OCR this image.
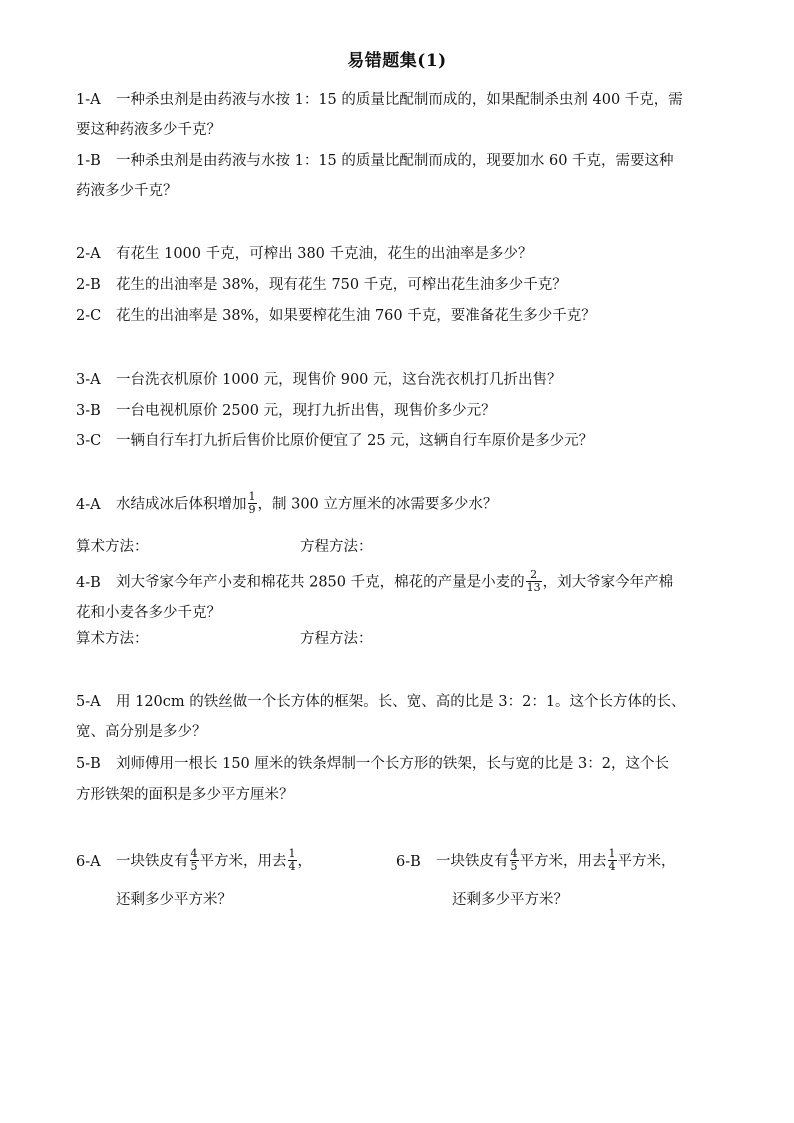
易错题集(1)
1-A 一种杀虫剂是由药液与水按 1：15 的质量比配制而成的，如果配制杀虫剂 400 千克，需
要这种药液多少千克？
1-B 一种杀虫剂是由药液与水按 1：15 的质量比配制而成的，现要加水 60 千克，需要这种
药液多少千克？
2-A 有花生 1000 千克，可榨出 380 千克油，花生的出油率是多少？
2-B 花生的出油率是 38%，现有花生 750 千克，可榨出花生油多少千克？
2-C 花生的出油率是 38%，如果要榨花生油 760 千克，要准备花生多少千克？
3-A 一台洗衣机原价 1000 元，现售价 900 元，这台洗衣机打几折出售？
3-B 一台电视机原价 2500 元，现打九折出售，现售价多少元？
3-C 一辆自行车打九折后售价比原价便宜了 25 元，这辆自行车原价是多少元？
4-A 水结成冰后体积增加 $\frac{1}{9}$ ，制 300 立方厘米的冰需要多少水？
算术方法：	方程方法：
4-B 刘大爷家今年产小麦和棉花共 2850 千克，棉花的产量是小麦的 $\frac{2}{13}$ ，刘大爷家今年产棉
花和小麦各多少千克？
算术方法：	方程方法：
5-A 用 120cm 的铁丝做一个长方体的框架。长、宽、高的比是 3：2：1。这个长方体的长、
宽、高分别是多少？
5-B 刘师傅用一根长 150 厘米的铁条焊制一个长方形的铁架，长与宽的比是 3：2，这个长
方形铁架的面积是多少平方厘米？
6-A 一块铁皮有 $\frac{4}{5}$ 平方米，用去 $\frac{1}{4}$ ，
还剩多少平方米？
6-B 一块铁皮有 $\frac{4}{5}$ 平方米，用去 $\frac{1}{4}$ 平方米，
还剩多少平方米？
